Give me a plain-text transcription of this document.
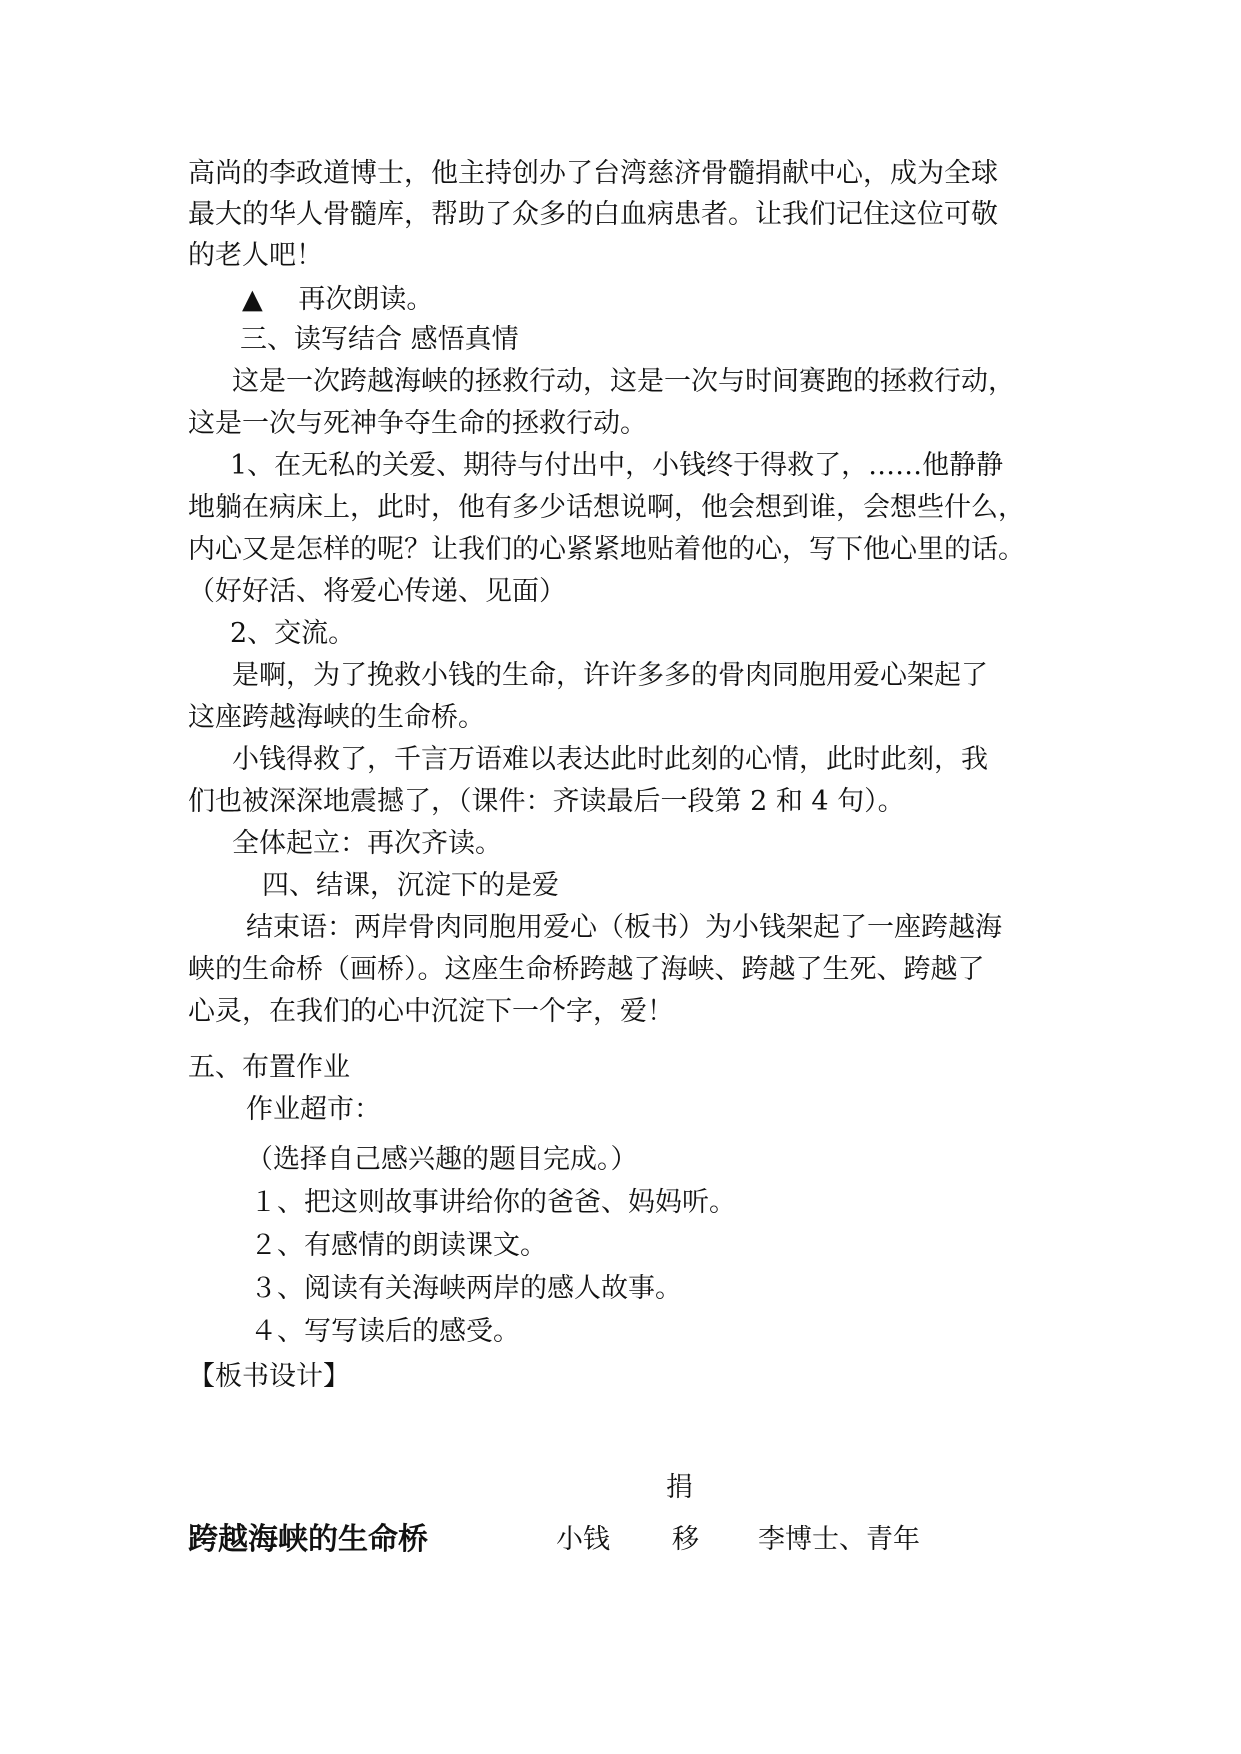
高尚的李政道博士，他主持创办了台湾慈济骨髓捐献中心，成为全球
最大的华人骨髓库，帮助了众多的白血病患者。让我们记住这位可敬
的老人吧！
▲　 再次朗读。
三、读写结合 感悟真情
这是一次跨越海峡的拯救行动，这是一次与时间赛跑的拯救行动，
这是一次与死神争夺生命的拯救行动。
1、在无私的关爱、期待与付出中，小钱终于得救了，……他静静
地躺在病床上，此时，他有多少话想说啊，他会想到谁，会想些什么，
内心又是怎样的呢？让我们的心紧紧地贴着他的心，写下他心里的话。
（好好活、将爱心传递、见面）
2、交流。
是啊，为了挽救小钱的生命，许许多多的骨肉同胞用爱心架起了
这座跨越海峡的生命桥。
小钱得救了，千言万语难以表达此时此刻的心情，此时此刻，我
们也被深深地震撼了，（课件：齐读最后一段第 2 和 4 句）。
全体起立：再次齐读。
四、结课，沉淀下的是爱
结束语：两岸骨肉同胞用爱心（板书）为小钱架起了一座跨越海
峡的生命桥（画桥）。这座生命桥跨越了海峡、跨越了生死、跨越了
心灵，在我们的心中沉淀下一个字，爱！
五、布置作业
作业超市：
（选择自己感兴趣的题目完成。）
１、把这则故事讲给你的爸爸、妈妈听。
２、有感情的朗读课文。
３、阅读有关海峡两岸的感人故事。
４、写写读后的感受。
【板书设计】
捐
跨越海峡的生命桥	小钱 移 李博士、青年
